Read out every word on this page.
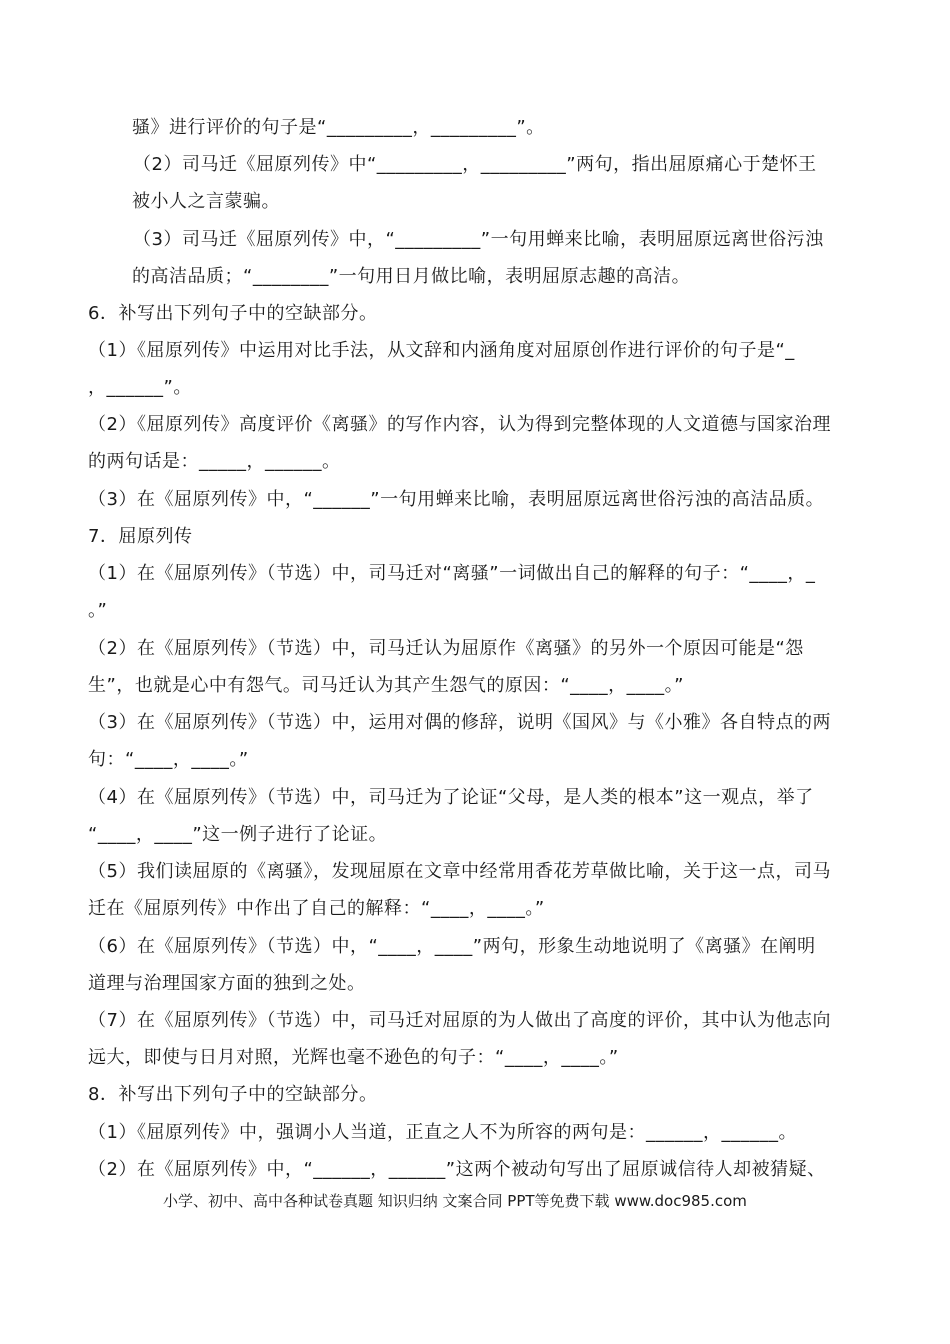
骚》进行评价的句子是“_________，_________”。
（2）司马迁《屈原列传》中“_________，_________”两句，指出屈原痛心于楚怀王
被小人之言蒙骗。
（3）司马迁《屈原列传》中，“_________”一句用蝉来比喻，表明屈原远离世俗污浊
的高洁品质；“________”一句用日月做比喻，表明屈原志趣的高洁。
6．补写出下列句子中的空缺部分。
（1）《屈原列传》中运用对比手法，从文辞和内涵角度对屈原创作进行评价的句子是“_
，______”。
（2）《屈原列传》高度评价《离骚》的写作内容，认为得到完整体现的人文道德与国家治理
的两句话是：_____，______。
（3）在《屈原列传》中，“______”一句用蝉来比喻，表明屈原远离世俗污浊的高洁品质。
7．屈原列传
（1）在《屈原列传》（节选）中，司马迁对“离骚”一词做出自己的解释的句子：“____，_
。”
（2）在《屈原列传》（节选）中，司马迁认为屈原作《离骚》的另外一个原因可能是“怨
生”，也就是心中有怨气。司马迁认为其产生怨气的原因：“____，____。”
（3）在《屈原列传》（节选）中，运用对偶的修辞，说明《国风》与《小雅》各自特点的两
句：“____，____。”
（4）在《屈原列传》（节选）中，司马迁为了论证“父母，是人类的根本”这一观点，举了
“____，____”这一例子进行了论证。
（5）我们读屈原的《离骚》，发现屈原在文章中经常用香花芳草做比喻，关于这一点，司马
迁在《屈原列传》中作出了自己的解释：“____，____。”
（6）在《屈原列传》（节选）中，“____，____”两句，形象生动地说明了《离骚》在阐明
道理与治理国家方面的独到之处。
（7）在《屈原列传》（节选）中，司马迁对屈原的为人做出了高度的评价，其中认为他志向
远大，即使与日月对照，光辉也毫不逊色的句子：“____，____。”
8．补写出下列句子中的空缺部分。
（1）《屈原列传》中，强调小人当道，正直之人不为所容的两句是：______，______。
（2）在《屈原列传》中，“______，______”这两个被动句写出了屈原诚信待人却被猜疑、
小学、初中、高中各种试卷真题 知识归纳 文案合同 PPT等免费下载 www.doc985.com
